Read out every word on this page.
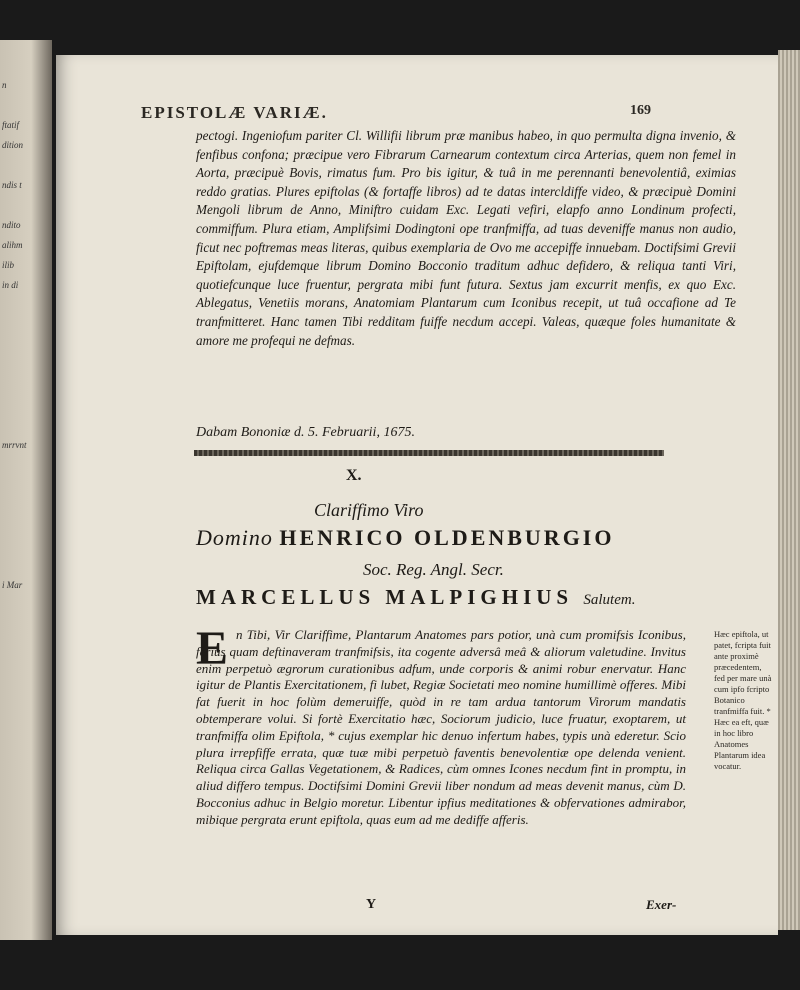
n
ftatif
dition
ndis t
ndito
alihm
ilib
in di
mrrvnt
i Mar
EPISTOLÆ VARIÆ.	169

pectogi. Ingeniofum pariter Cl. Willifii librum præ manibus habeo, in quo permulta digna invenio, & fenfibus confona; præcipue vero Fibrarum Carnearum contextum circa Arterias, quem non femel in Aorta, præcipuè Bovis, rimatus fum. Pro bis igitur, & tuâ in me perennanti benevolentiâ, eximias reddo gratias. Plures epiftolas (& fortaffe libros) ad te datas intercldiffe video, & præcipuè Domini Mengoli librum de Anno, Miniftro cuidam Exc. Legati vefiri, elapfo anno Londinum profecti, commiffum. Plura etiam, Amplifsimi Dodingtoni ope tranfmiffa, ad tuas deveniffe manus non audio, ficut nec poftremas meas literas, quibus exemplaria de Ovo me accepiffe innuebam. Doctifsimi Grevii Epiftolam, ejufdemque librum Domino Bocconio traditum adhuc defidero, & reliqua tanti Viri, quotiefcunque luce fruentur, pergrata mibi funt futura. Sextus jam excurrit menfis, ex quo Exc. Ablegatus, Venetiis morans, Anatomiam Plantarum cum Iconibus recepit, ut tuâ occafione ad Te tranfmitteret. Hanc tamen Tibi redditam fuiffe necdum accepi. Valeas, quæque foles humanitate & amore me profequi ne defmas.

Dabam Bononiæ d. 5. Februarii, 1675.
X.
Clariffimo Viro
Domino HENRICO OLDENBURGIO
Soc. Reg. Angl. Secr.
MARCELLUS MALPIGHIUS Salutem.
E n Tibi, Vir Clariffime, Plantarum Anatomes pars potior, unà cum promifsis Iconibus, ferius quam deftinaveram tranfmifsis, ita cogente adversâ meâ & aliorum valetudine. Invitus enim perpetuò ægrorum curationibus adfum, unde corporis & animi robur enervatur. Hanc igitur de Plantis Exercitationem, fi lubet, Regiæ Societati meo nomine humillimè offeres. Mibi fat fuerit in hoc folùm demeruiffe, quòd in re tam ardua tantorum Virorum mandatis obtemperare volui. Si fortè Exercitatio hæc, Sociorum judicio, luce fruatur, exoptarem, ut tranfmiffa olim Epiftola, * cujus exemplar hic denuo infertum habes, typis unà ederetur. Scio plura irrepfiffe errata, quæ tuæ mibi perpetuò faventis benevolentiæ ope delenda venient. Reliqua circa Gallas Vegetationem, & Radices, cùm omnes Icones necdum fint in promptu, in aliud differo tempus. Doctifsimi Domini Grevii liber nondum ad meas devenit manus, cùm D. Bocconius adhuc in Belgio moretur. Libentur ipfius meditationes & obfervationes admirabor, mibique pergrata erunt epiftola, quas eum ad me dediffe afferis.

Hæc epiftola, ut patet, fcripta fuit ante proximè præcedentem, fed per mare unà cum ipfo fcripto Botanico tranfmiffa fuit. * Hæc ea eft, quæ in hoc libro Anatomes Plantarum idea vocatur.
Y	Exer-
